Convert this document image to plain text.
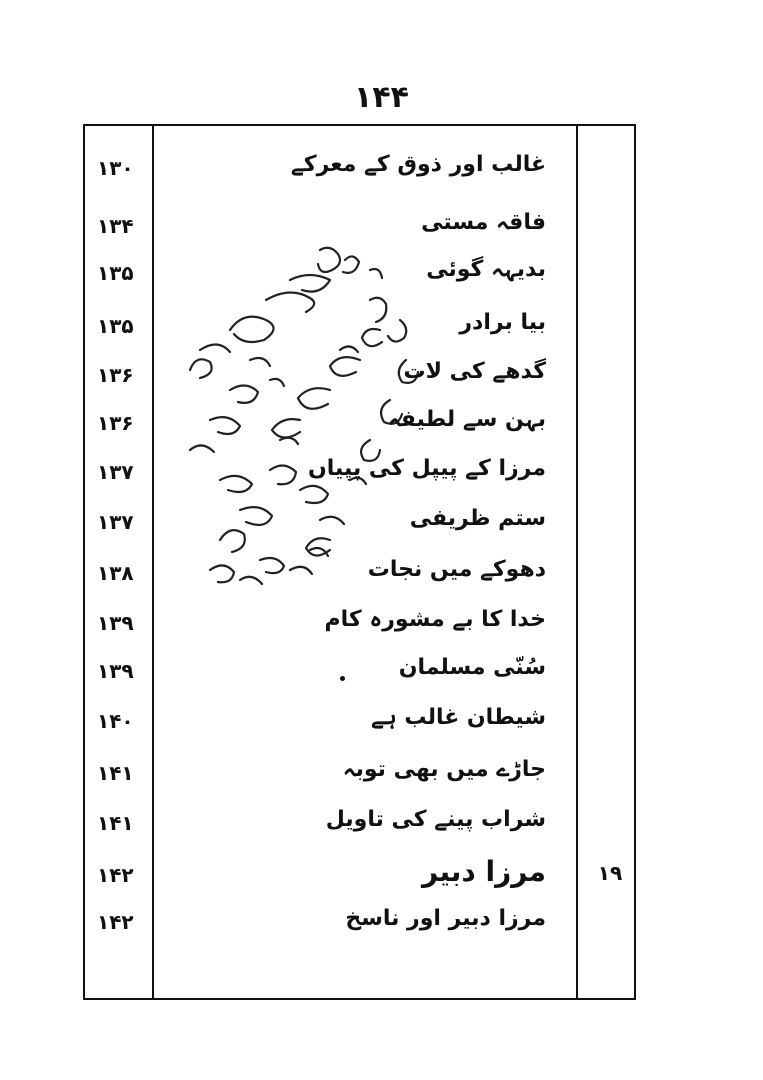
۱۴۴
۱۳۰	غالب اور ذوق کے معرکے
۱۳۴	فاقہ مستی
۱۳۵	بدیہہ گوئی
۱۳۵	بیا برادر
۱۳۶	گدھے کی لات
۱۳۶	بہن سے لطیفہ
۱۳۷	مرزا کے پیپل کی پپیاں
۱۳۷	ستم ظریفی
۱۳۸	دھوکے میں نجات
۱۳۹	خدا کا بے مشورہ کام
۱۳۹	سُنّی مسلمان
۱۴۰	شیطان غالب ہے
۱۴۱	جاڑے میں بھی توبہ
۱۴۱	شراب پینے کی تاویل
۱۴۲	مرزا دبیر	١٩
۱۴۲	مرزا دبیر اور ناسخ
